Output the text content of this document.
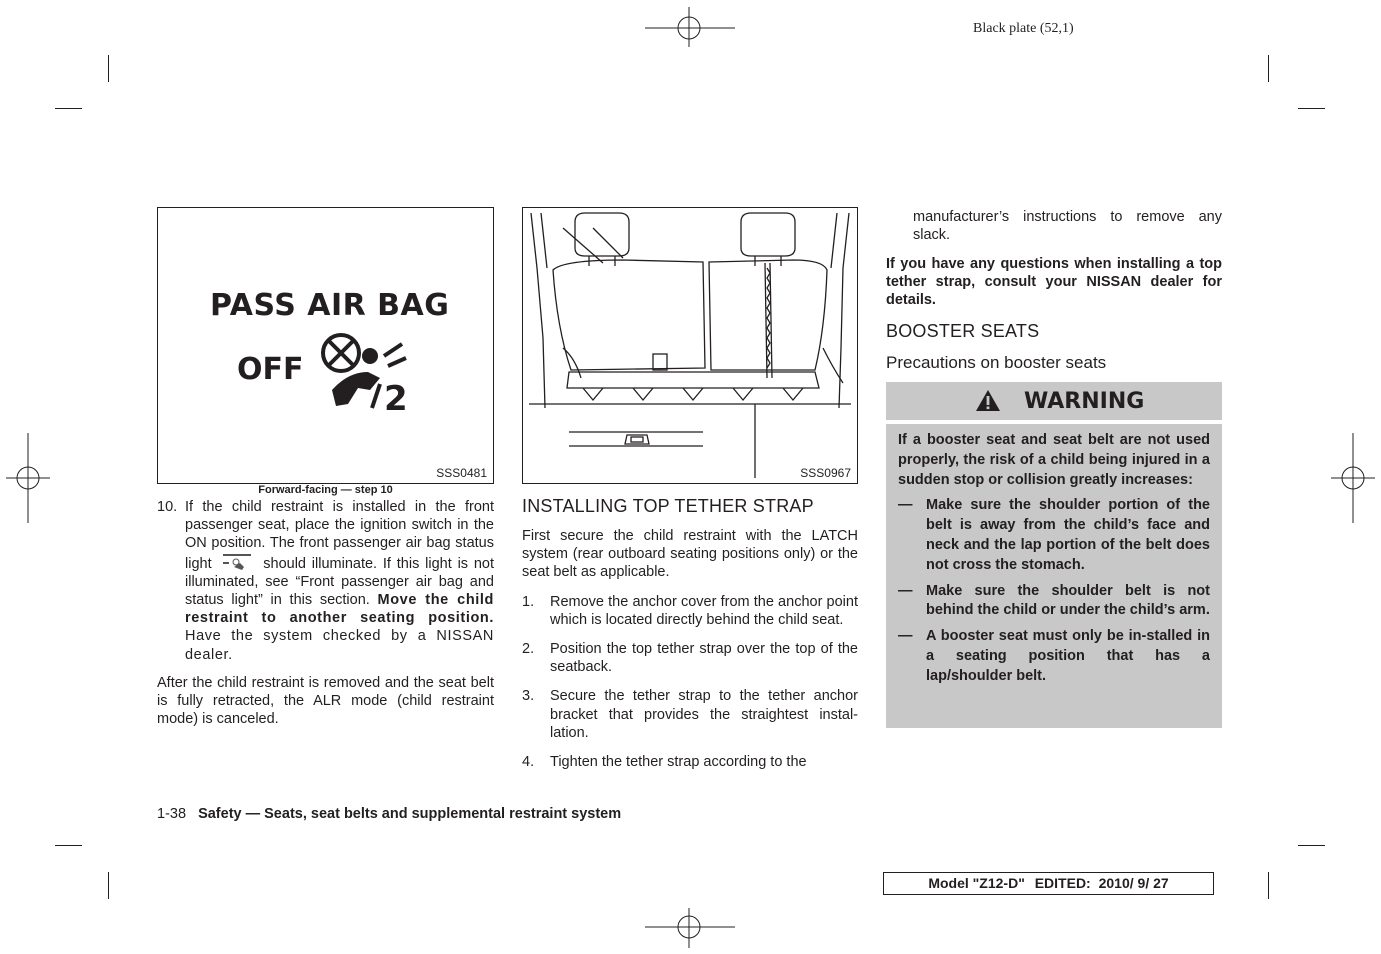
Black plate (52,1)
PASS AIR BAG
OFF
2
SSS0481
Forward-facing — step 10

10. If the child restraint is installed in the front passenger seat, place the ignition switch in the ON position. The front passenger air bag status light	should illuminate. If this light is not illuminated, see “Front passenger air bag and status light” in this section. Move the child restraint to another seating position. Have the system checked by a NISSAN dealer.

After the child restraint is removed and the seat belt is fully retracted, the ALR mode (child restraint mode) is canceled.

SSS0967
INSTALLING TOP TETHER STRAP

First secure the child restraint with the LATCH system (rear outboard seating positions only) or the seat belt as applicable.

1. Remove the anchor cover from the anchor point which is located directly behind the child seat.

2. Position the top tether strap over the top of the seatback.

3. Secure the tether strap to the tether anchor bracket that provides the straightest instal-lation.

4. Tighten the tether strap according to the

manufacturer’s instructions to remove any slack.

If you have any questions when installing a top tether strap, consult your NISSAN dealer for details.

BOOSTER SEATS
Precautions on booster seats
WARNING

If a booster seat and seat belt are not used properly, the risk of a child being injured in a sudden stop or collision greatly increases:

— Make sure the shoulder portion of the belt is away from the child’s face and neck and the lap portion of the belt does not cross the stomach.

— Make sure the shoulder belt is not behind the child or under the child’s arm.

— A booster seat must only be in-stalled in a seating position that has a lap/shoulder belt.

1-38 Safety — Seats, seat belts and supplemental restraint system
Model "Z12-D" EDITED: 2010/ 9/ 27
